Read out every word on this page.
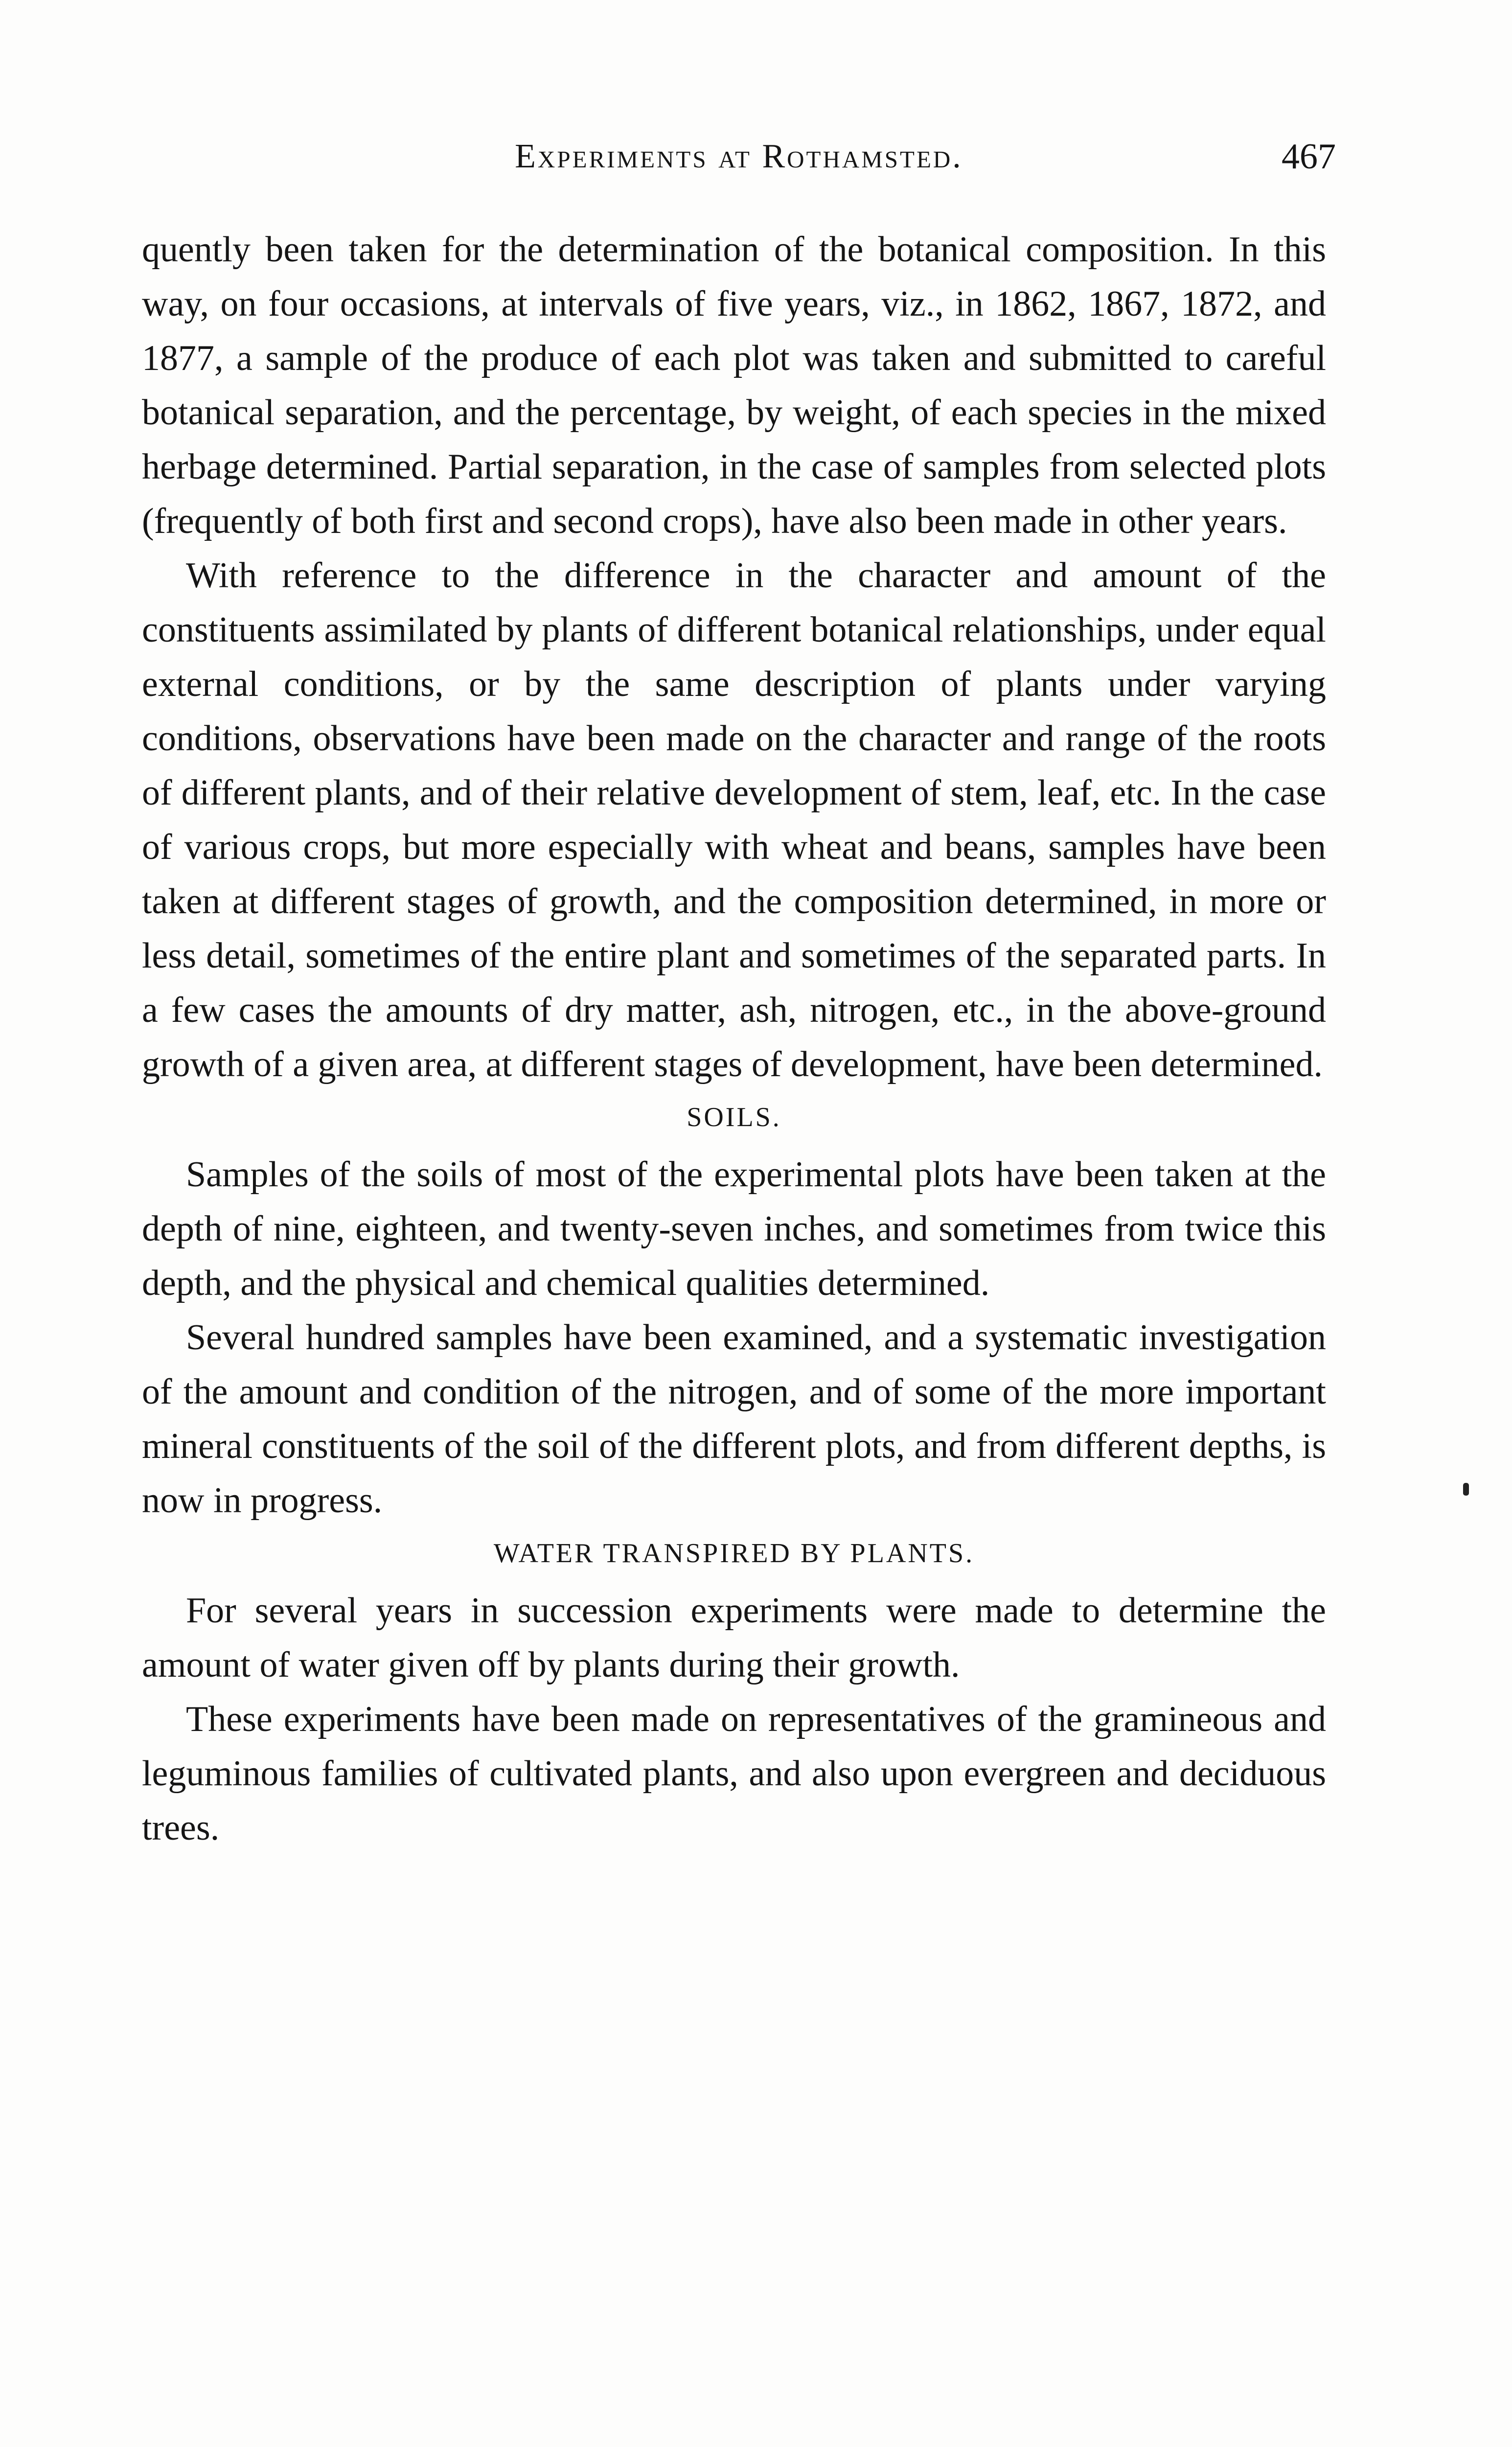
Experiments at Rothamsted.	467

quently been taken for the determination of the botanical composition. In this way, on four occasions, at intervals of five years, viz., in 1862, 1867, 1872, and 1877, a sample of the produce of each plot was taken and submitted to careful botanical separation, and the percentage, by weight, of each species in the mixed herbage determined. Partial separation, in the case of samples from selected plots (frequently of both first and second crops), have also been made in other years.

With reference to the difference in the character and amount of the constituents assimilated by plants of different botanical relationships, under equal external conditions, or by the same description of plants under varying conditions, observations have been made on the character and range of the roots of different plants, and of their relative development of stem, leaf, etc. In the case of various crops, but more especially with wheat and beans, samples have been taken at different stages of growth, and the composition determined, in more or less detail, sometimes of the entire plant and sometimes of the separated parts. In a few cases the amounts of dry matter, ash, nitrogen, etc., in the above-ground growth of a given area, at different stages of development, have been determined.

SOILS.

Samples of the soils of most of the experimental plots have been taken at the depth of nine, eighteen, and twenty-seven inches, and sometimes from twice this depth, and the physical and chemical qualities determined.

Several hundred samples have been examined, and a systematic investigation of the amount and condition of the nitrogen, and of some of the more important mineral constituents of the soil of the different plots, and from different depths, is now in progress.

WATER TRANSPIRED BY PLANTS.

For several years in succession experiments were made to determine the amount of water given off by plants during their growth.

These experiments have been made on representatives of the gramineous and leguminous families of cultivated plants, and also upon evergreen and deciduous trees.
